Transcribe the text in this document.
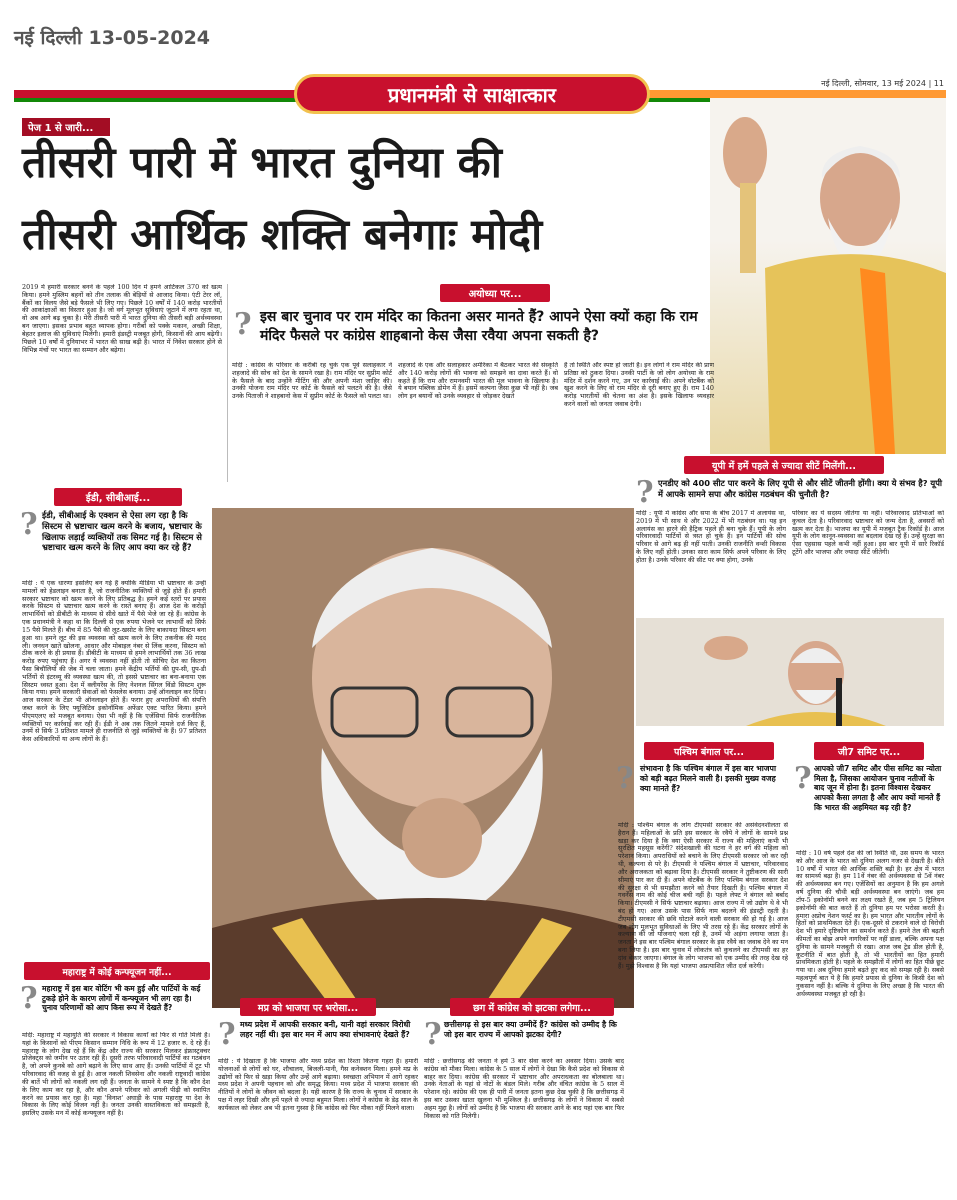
नई दिल्ली 13-05-2024
प्रधानमंत्री से साक्षात्कार	नई दिल्ली, सोमवार, 13 मई 2024 | 11
पेज 1 से जारी...
तीसरी पारी में भारत दुनिया की
तीसरी आर्थिक शक्ति बनेगाः मोदी
2019 में हमारी सरकार बनने के पहले 100 दिन में हमने आर्टिकल 370 को खत्म किया। हमने मुस्लिम बहनों को तीन तलाक की बेड़ियों से आजाद किया। एंटी टेरर लॉ, बैंकों का विलय जैसे बड़े फैसले भी लिए गए। पिछले 10 वर्षों में 140 करोड़ भारतीयों की आकांक्षाओं का विस्तार हुआ है। जो वर्ग मूलभूत सुविधाएं जुटाने में लगा रहता था, वो अब आगे बढ़ चुका है। मेरी तीसरी पारी में भारत दुनिया की तीसरी बड़ी अर्थव्यवस्था बन जाएगा। इसका प्रभाव बहुत व्यापक होगा। गरीबों को पक्के मकान, अच्छी शिक्षा, बेहतर इलाज की सुविधाएं मिलेंगी। हमारी इंडस्ट्री मजबूत होगी, किसानों की आय बढ़ेगी। पिछले 10 वर्षों में दुनियाभर में भारत की साख बढ़ी है। भारत में निवेश सरकार होने से विभिन्न मंचों पर भारत का सम्मान और बढ़ेगा।
अयोध्या पर...
? इस बार चुनाव पर राम मंदिर का कितना असर मानते हैं? आपने ऐसा क्यों कहा कि राम मंदिर फैसले पर कांग्रेस शाहबानो केस जैसा रवैया अपना सकती है?
मोदी : कांग्रेस के परिवार के करीबी रह चुके एक पूर्व सलाहकार ने शहजादे की सोच को देश के सामने रखा है। राम मंदिर पर सुप्रीम कोर्ट के फैसले के बाद उन्होंने मीटिंग की और अपनी मंशा जाहिर की। उनकी योजना राम मंदिर पर कोर्ट के फैसले को पलटने की है। जैसे उनके पिताजी ने शाहबानो केस में सुप्रीम कोर्ट के फैसले को पलटा था।
शहजादे के एक और सलाहकार अमेरिका में बैठकर भारत की संस्कृति और 140 करोड़ लोगों की भावना को समझने का दावा करते हैं। वो कहते हैं कि राम और रामनवमी भारत की मूल भावना के खिलाफ है। ये बयान पब्लिक डोमेन में हैं। इसमें कल्पना जैसा कुछ भी नहीं है। जब लोग इन बयानों को उनके व्यवहार से जोड़कर देखते
हैं तो स्थिति और स्पष्ट हो जाती है। इन लोगों ने राम मंदिर की प्राण प्रतिष्ठा को ठुकरा दिया। उनकी पार्टी के जो लोग अयोध्या के राम मंदिर में दर्शन करने गए, उन पर कार्रवाई की। अपने वोटबैंक को खुश करने के लिए वो राम मंदिर से दूरी बनाए हुए हैं। राम 140 करोड़ भारतीयों की चेतना का अंश है। इसके खिलाफ व्यवहार करने वालों को जनता जवाब देगी।
ईडी, सीबीआई...
? ईडी, सीबीआई के एक्शन से ऐसा लग रहा है कि सिस्टम से भ्रष्टाचार खत्म करने के बजाय, भ्रष्टाचार के खिलाफ लड़ाई व्यक्तियों तक सिमट गई है। सिस्टम से भ्रष्टाचार खत्म करने के लिए आप क्या कर रहे हैं?
मोदी : ये एक धारणा इसलिए बन गई है क्योंकि मीडिया भी भ्रष्टाचार के उन्हीं मामलों को हेडलाइन बनाता है, जो राजनीतिक व्यक्तियों से जुड़े होते हैं। हमारी सरकार भ्रष्टाचार को खत्म करने के लिए प्रतिबद्ध है। हमने कई स्तरों पर प्रयास करके सिस्टम से भ्रष्टाचार खत्म करने के रास्ते बनाए हैं। आज देश के करोड़ों लाभार्थियों को डीबीटी के माध्यम से सीधे खाते में पैसे भेजे जा रहे हैं। कांग्रेस के एक प्रधानमंत्री ने कहा था कि दिल्ली से एक रुपया भेजने पर लाभार्थी को सिर्फ 15 पैसे मिलते हैं। बीच में 85 पैसे की लूट-खसोट के लिए बाकायदा सिस्टम बना हुआ था। हमने लूट की इस व्यवस्था को खत्म करने के लिए तकनीक की मदद ली। जनधन खाते खोलना, आधार और मोबाइल नंबर से लिंक करना, सिस्टम को ठीक करने के ही प्रयास हैं। डीबीटी के माध्यम से हमने लाभार्थियों तक 36 लाख करोड़ रुपए पहुंचाए हैं। अगर ये व्यवस्था नहीं होती तो सोचिए देश का कितना पैसा बिचौलियों की जेब में चला जाता। हमने केंद्रीय भर्तियों की ग्रुप-सी, ग्रुप-डी भर्तियों से इंटरव्यू की व्यवस्था खत्म की, तो इससे भ्रष्टाचार का बना-बनाया एक सिस्टम ध्वस्त हुआ। देश में क्लीयरेंस के लिए नेशनल सिंगल विंडो सिस्टम शुरू किया गया। हमने सरकारी सेवाओं को फेसलेस बनाया। उन्हें ऑनलाइन कर दिया। आज सरकार के टेंडर भी ऑनलाइन होते हैं। फरार हुए अपराधियों की संपत्ति जब्त करने के लिए फ्यूजिटिव इकोनॉमिक अफेंडर एक्ट पारित किया। हमने पीएमएलए को मजबूत बनाया। ऐसा भी नहीं है कि एजेंसियां सिर्फ राजनीतिक व्यक्तियों पर कार्रवाई कर रही हैं। ईडी ने अब तक जितने मामले दर्ज किए हैं, उनमें से सिर्फ 3 प्रतिशत मामले ही राजनीति से जुड़े व्यक्तियों के हैं। 97 प्रतिशत केस अधिकारियों या अन्य लोगों के हैं।
महाराष्ट्र में कोई कन्फ्यूजन नहीं...
? महाराष्ट्र में इस बार वोटिंग भी कम हुई और पार्टियों के कई टुकड़े होने के कारण लोगों में कन्फ्यूजन भी लग रहा है। चुनाव परिणामों को आप किस रूप में देखते हैं?
मोदी: महाराष्ट्र में महायुति की सरकार ने विकास कार्यों को फिर से गति मिली है। यहां के किसानों को पीएम किसान सम्मान निधि के रूप में 12 हजार रु. दे रहे हैं। महाराष्ट्र के लोग देख रहे हैं कि केंद्र और राज्य की सरकार मिलकर इंफ्रास्ट्रक्चर प्रोजेक्ट्स को जमीन पर उतार रही हैं। दूसरी तरफ परिवारवादी पार्टियों का गठबंधन है, जो अपने कुनबे को आगे बढ़ाने के लिए साथ आए हैं। उनकी पार्टियों में टूट भी परिवारवाद की वजह से हुई है। आज नकली शिवसेना और नकली राष्ट्रवादी कांग्रेस की बातें भी लोगों को नकली लग रही हैं। जनता के सामने ये स्पष्ट है कि कौन देश के लिए काम कर रहा है, और कौन अपने परिवार को अगली पीढ़ी को स्थापित करने का प्रयास कर रहा है। महा 'विनाश' अघाड़ी के पास महाराष्ट्र या देश के विकास के लिए कोई विजन नहीं है। जनता उनकी वास्तविकता को समझती है, इसलिए उसके मन में कोई कन्फ्यूजन नहीं है।
मप्र को भाजपा पर भरोसा...
? मध्य प्रदेश में आपकी सरकार बनी, यानी वहां सरकार विरोधी लहर नहीं थी। इस बार मन में आप क्या संभावनाएं देखते हैं?
मोदी : ये दिखाता है कि भाजपा और मध्य प्रदेश का रिश्ता कितना गहरा है। हमारी योजनाओं से लोगों को घर, शौचालय, बिजली-पानी, गैस कनेक्शन मिला। हमने मप्र के उद्योगों को फिर से खड़ा किया और उन्हें आगे बढ़ाया। स्वच्छता अभियान में आगे रहकर मध्य प्रदेश ने अपनी पहचान को और समृद्ध किया। मध्य प्रदेश में भाजपा सरकार की नीतियों ने लोगों के जीवन को बदला है। यही कारण है कि राज्य के चुनाव में सरकार के पक्ष में लहर दिखी और हमें पहले से ज्यादा बहुमत मिला। लोगों ने कांग्रेस के डेढ़ साल के कार्यकाल को लेकर अब भी इतना गुस्सा है कि कांग्रेस को फिर मौका नहीं मिलने वाला।
छग में कांग्रेस को झटका लगेगा...
? छत्तीसगढ़ से इस बार क्या उम्मीदें हैं? कांग्रेस को उम्मीद है कि जो इस बार राज्य में आपको झटका देगी?
मोदी : छत्तीसगढ़ की जनता ने हमें 3 बार सेवा करने का अवसर दिया। उसके बाद कांग्रेस को मौका मिला। कांग्रेस के 5 साल में लोगों ने देखा कि कैसे प्रदेश को विकास से बाहर कर दिया। कांग्रेस की सरकार में भ्रष्टाचार और अपराधकता का बोलबाला था। उनके नेताओं के यहां से नोटों के बंडल मिले। गरीब और वंचित कांग्रेस के 5 साल में परेशान रहे। कांग्रेस की एक ही पारी में जनता इतना कुछ देख चुकी है कि छत्तीसगढ़ में इस बार उसका खाता खुलना भी मुश्किल है। छत्तीसगढ़ के लोगों ने विकास में सबसे अहम मुद्दा है। लोगों को उम्मीद है कि भाजपा की सरकार आने के बाद यहां एक बार फिर विकास को गति मिलेगी।
यूपी में हमें पहले से ज्यादा सीटें मिलेंगी...
? एनडीए को 400 सीट पार करने के लिए यूपी से और सीटें जीतनी होंगी। क्या ये संभव है? यूपी में आपके सामने सपा और कांग्रेस गठबंधन की चुनौती है?
मोदी : यूपी में कांग्रेस और सपा के बीच 2017 में अलायंस था, 2019 में भी साथ थे और 2022 में भी गठबंधन था। यह इन अलायंस का हारने की हैट्रिक पहले ही बना चुके हैं। यूपी के लोग परिवारवादी पार्टियों से त्रस्त हो चुके हैं। इन पार्टियों की सोच परिवार से आगे बढ़ ही नहीं पाती। उनकी राजनीति वन्शी विकास के लिए नहीं होती। उनका सारा काम सिर्फ अपने परिवार के लिए होता है। उनके परिवार की सीट पर क्या होगा, उनके
परिवार का ये सदस्य जीतेगा या नहीं। परिवारवाद प्रतिभाओं को कुचल देता है। परिवारवाद भ्रष्टाचार को जन्म देता है, अवसरों को खत्म कर देता है। भाजपा का यूपी में मजबूत ट्रैक रिकॉर्ड है। आज यूपी के लोग कानून-व्यवस्था का बदलाव देख रहे हैं। उन्हें सुरक्षा का ऐसा एहसास पहले कभी नहीं हुआ। इस बार यूपी में सारे रिकॉर्ड टूटेंगे और भाजपा और ज्यादा सीटें जीतेगी।
पश्चिम बंगाल पर...
? संभावना है कि पश्चिम बंगाल में इस बार भाजपा को बड़ी बढ़त मिलने वाली है। इसकी मुख्य वजह क्या मानते हैं?
मोदी : पश्चिम बंगाल के लोग टीएमसी सरकार की असंवेदनशीलता से हैरान हैं। महिलाओं के प्रति इस सरकार के रवैये ने लोगों के सामने प्रश्न खड़ा कर दिया है कि क्या ऐसी सरकार में राज्य की महिलाएं कभी भी सुरक्षित महसूस करेंगी? संदेशखाली की घटना ने हर वर्ग की महिला को परेशान किया। अपराधियों को बचाने के लिए टीएमसी सरकार जो कर रही थी, कल्पना से परे है। टीएमसी ने पश्चिम बंगाल में भ्रष्टाचार, परिवारवाद और अराजकता को बढ़ावा दिया है। टीएमसी सरकार ने तुष्टीकरण की सारी सीमाएं पार कर दी हैं। अपने वोटबैंक के लिए पश्चिम बंगाल सरकार देश की सुरक्षा से भी समझौता करने को तैयार दिखती है। पश्चिम बंगाल में गवर्नेंस नाम की कोई चीज बची नहीं है। पहले लेफ्ट ने बंगाल को बर्बाद किया। टीएमसी ने सिर्फ भ्रष्टाचार बढ़ाया। आज राज्य में जो उद्योग थे वे भी बंद हो गए। आज उसके पास सिर्फ नाम बदलने की इंडस्ट्री रहती है। टीएमसी सरकार की छवि घोटाले करने वाली सरकार की हो गई है। आज जब लोग मूलभूत सुविधाओं के लिए भी तरस रहे हैं। केंद्र सरकार लोगों के कल्याण की जो योजनाएं चला रही है, उनमें भी अड़ंगा लगाया जाता है। जनता ने इस बार पश्चिम बंगाल सरकार के इस रवैये का जवाब देने का मन बना लिया है। इस बार चुनाव में लोकतंत्र को कुचलने का टीएमसी का हर दांव बेकार जाएगा। बंगाल के लोग भाजपा को एक उम्मीद की तरह देख रहे हैं। मुझे विश्वास है कि यहां भाजपा अप्रत्याशित जीत दर्ज करेगी।
जी7 समिट पर...
? आपको जी7 समिट और पीस समिट का न्योता मिला है, जिसका आयोजन चुनाव नतीजों के बाद जून में होना है। इतना विश्वास देखकर आपको कैसा लगता है और आप क्यों मानते हैं कि भारत की अहमियत बढ़ रही है?
मोदी : 10 वर्ष पहले देश की जो स्थिति थी, उस समय के भारत को और आज के भारत को दुनिया अलग नजर से देखती है। बीते 10 वर्षों में भारत की आर्थिक शक्ति बढ़ी है। हर क्षेत्र में भारत का सामर्थ्य बढ़ा है। हम 11वें नंबर की अर्थव्यवस्था से 5वें नंबर की अर्थव्यवस्था बन गए। एजेंसियों का अनुमान है कि हम अगले वर्ष दुनिया की चौथी बड़ी अर्थव्यवस्था बन जाएंगे। जब हम टॉप-5 इकोनॉमी बनने का लक्ष्य रखते हैं, जब हम 5 ट्रिलियन इकोनॉमी की बात करते हैं तो दुनिया हम पर भरोसा करती है। हमारा अप्रोच नेशन फर्स्ट का है। हम भारत और भारतीय लोगों के हितों को प्राथमिकता देते हैं। एक-दूसरे से टकराने वाले दो विरोधी देश भी हमारे दृष्टिकोण का समर्थन करते हैं। हमने तेल की बढ़ती कीमतों का बोझ अपने नागरिकों पर नहीं डाला, बल्कि अपना पक्ष दुनिया के सामने मजबूती से रखा। आज जब ट्रेड डील होती है, कूटनीति में बात होती है, तो भी भारतीयों का हित हमारी प्राथमिकता होती है। पहले के समझौतों में लोगों का हित पीछे छूट गया था। अब दुनिया हमारे बढ़ते हुए कद को समझ रही है। सबसे महत्वपूर्ण बात ये है कि हमारे प्रयास से दुनिया के किसी देश को नुकसान नहीं है। बल्कि ये दुनिया के लिए अच्छा है कि भारत की अर्थव्यवस्था मजबूत हो रही है।
